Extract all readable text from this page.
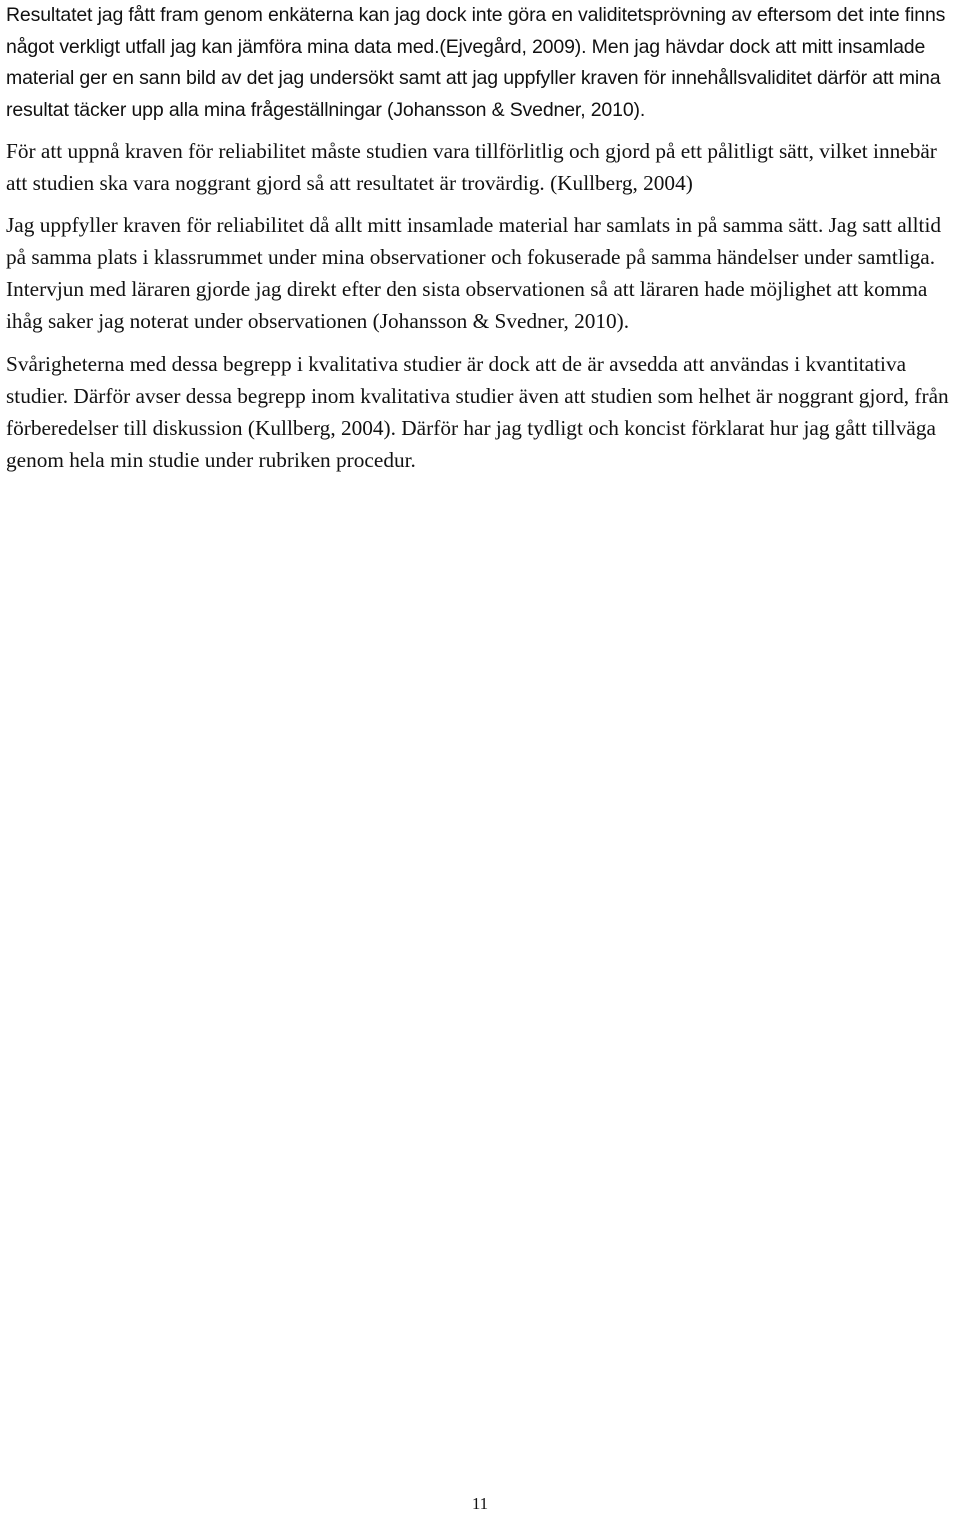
Resultatet jag fått fram genom enkäterna kan jag dock inte göra en validitetsprövning av eftersom det inte finns något verkligt utfall jag kan jämföra mina data med.(Ejvegård, 2009). Men jag hävdar dock att mitt insamlade material ger en sann bild av det jag undersökt samt att jag uppfyller kraven för innehållsvaliditet därför att mina resultat täcker upp alla mina frågeställningar (Johansson & Svedner, 2010).

För att uppnå kraven för reliabilitet måste studien vara tillförlitlig och gjord på ett pålitligt sätt, vilket innebär att studien ska vara noggrant gjord så att resultatet är trovärdig. (Kullberg, 2004)

Jag uppfyller kraven för reliabilitet då allt mitt insamlade material har samlats in på samma sätt. Jag satt alltid på samma plats i klassrummet under mina observationer och fokuserade på samma händelser under samtliga. Intervjun med läraren gjorde jag direkt efter den sista observationen så att läraren hade möjlighet att komma ihåg saker jag noterat under observationen (Johansson & Svedner, 2010).

Svårigheterna med dessa begrepp i kvalitativa studier är dock att de är avsedda att användas i kvantitativa studier. Därför avser dessa begrepp inom kvalitativa studier även att studien som helhet är noggrant gjord, från förberedelser till diskussion (Kullberg, 2004). Därför har jag tydligt och koncist förklarat hur jag gått tillväga genom hela min studie under rubriken procedur.

11
